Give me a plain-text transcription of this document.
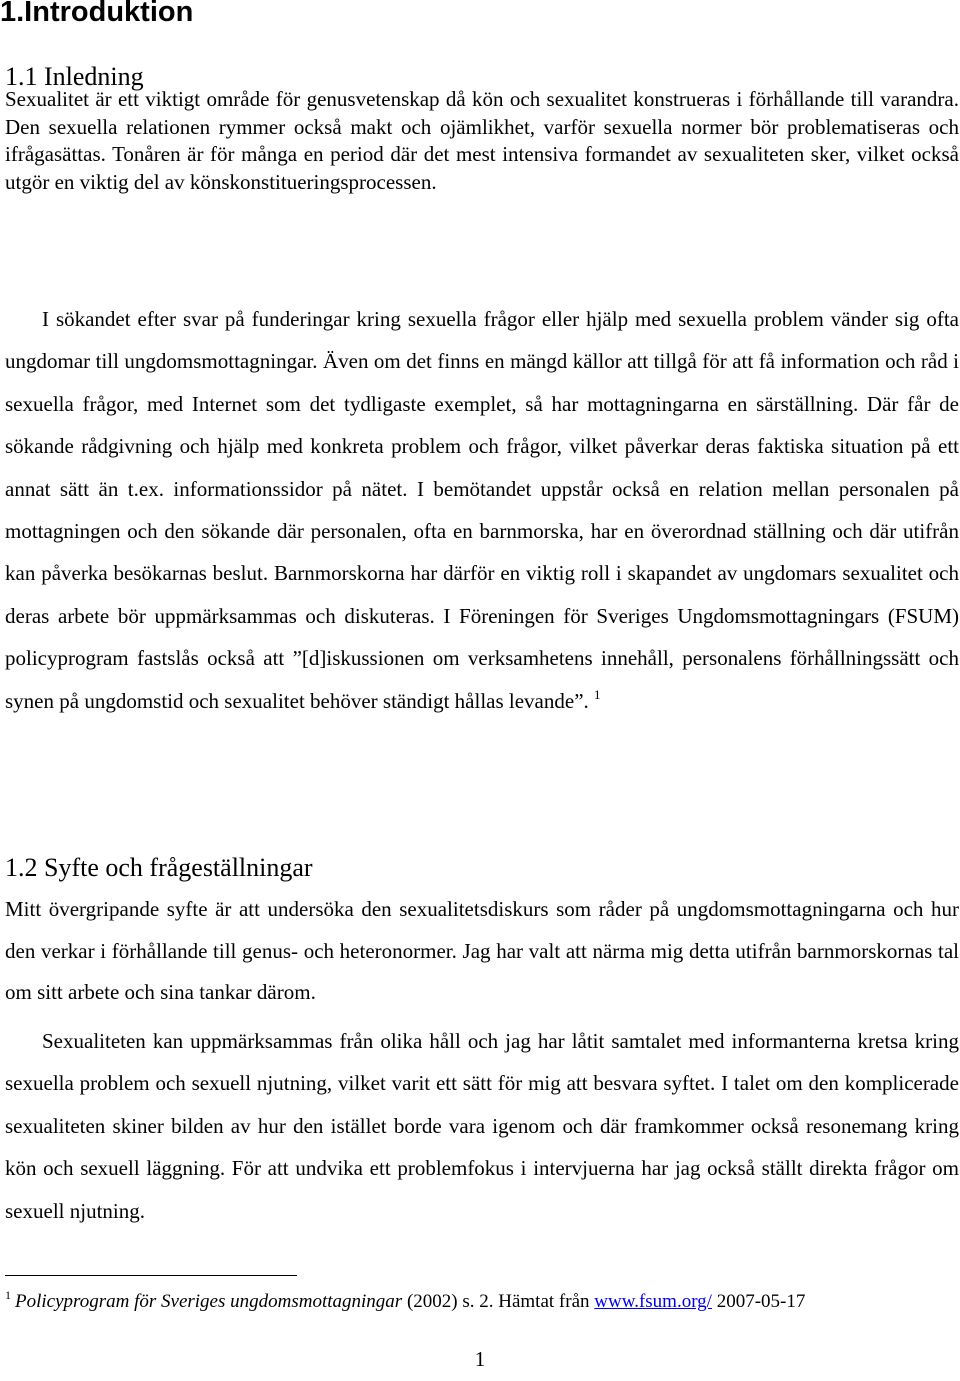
1.Introduktion
1.1 Inledning

Sexualitet är ett viktigt område för genusvetenskap då kön och sexualitet konstrueras i förhållande till varandra. Den sexuella relationen rymmer också makt och ojämlikhet, varför sexuella normer bör problematiseras och ifrågasättas. Tonåren är för många en period där det mest intensiva formandet av sexualiteten sker, vilket också utgör en viktig del av könskonstitueringsprocessen.

I sökandet efter svar på funderingar kring sexuella frågor eller hjälp med sexuella problem vänder sig ofta ungdomar till ungdomsmottagningar. Även om det finns en mängd källor att tillgå för att få information och råd i sexuella frågor, med Internet som det tydligaste exemplet, så har mottagningarna en särställning. Där får de sökande rådgivning och hjälp med konkreta problem och frågor, vilket påverkar deras faktiska situation på ett annat sätt än t.ex. informationssidor på nätet. I bemötandet uppstår också en relation mellan personalen på mottagningen och den sökande där personalen, ofta en barnmorska, har en överordnad ställning och där utifrån kan påverka besökarnas beslut. Barnmorskorna har därför en viktig roll i skapandet av ungdomars sexualitet och deras arbete bör uppmärksammas och diskuteras. I Föreningen för Sveriges Ungdomsmottagningars (FSUM) policyprogram fastslås också att ”[d]iskussionen om verksamhetens innehåll, personalens förhållningssätt och synen på ungdomstid och sexualitet behöver ständigt hållas levande”. $^1$

1.2 Syfte och frågeställningar

Mitt övergripande syfte är att undersöka den sexualitetsdiskurs som råder på ungdomsmottagningarna och hur den verkar i förhållande till genus- och heteronormer. Jag har valt att närma mig detta utifrån barnmorskornas tal om sitt arbete och sina tankar därom.

Sexualiteten kan uppmärksammas från olika håll och jag har låtit samtalet med informanterna kretsa kring sexuella problem och sexuell njutning, vilket varit ett sätt för mig att besvara syftet. I talet om den komplicerade sexualiteten skiner bilden av hur den istället borde vara igenom och där framkommer också resonemang kring kön och sexuell läggning. För att undvika ett problemfokus i intervjuerna har jag också ställt direkta frågor om sexuell njutning.

$^1$ Policyprogram för Sveriges ungdomsmottagningar (2002) s. 2. Hämtat från www.fsum.org/ 2007-05-17

1
